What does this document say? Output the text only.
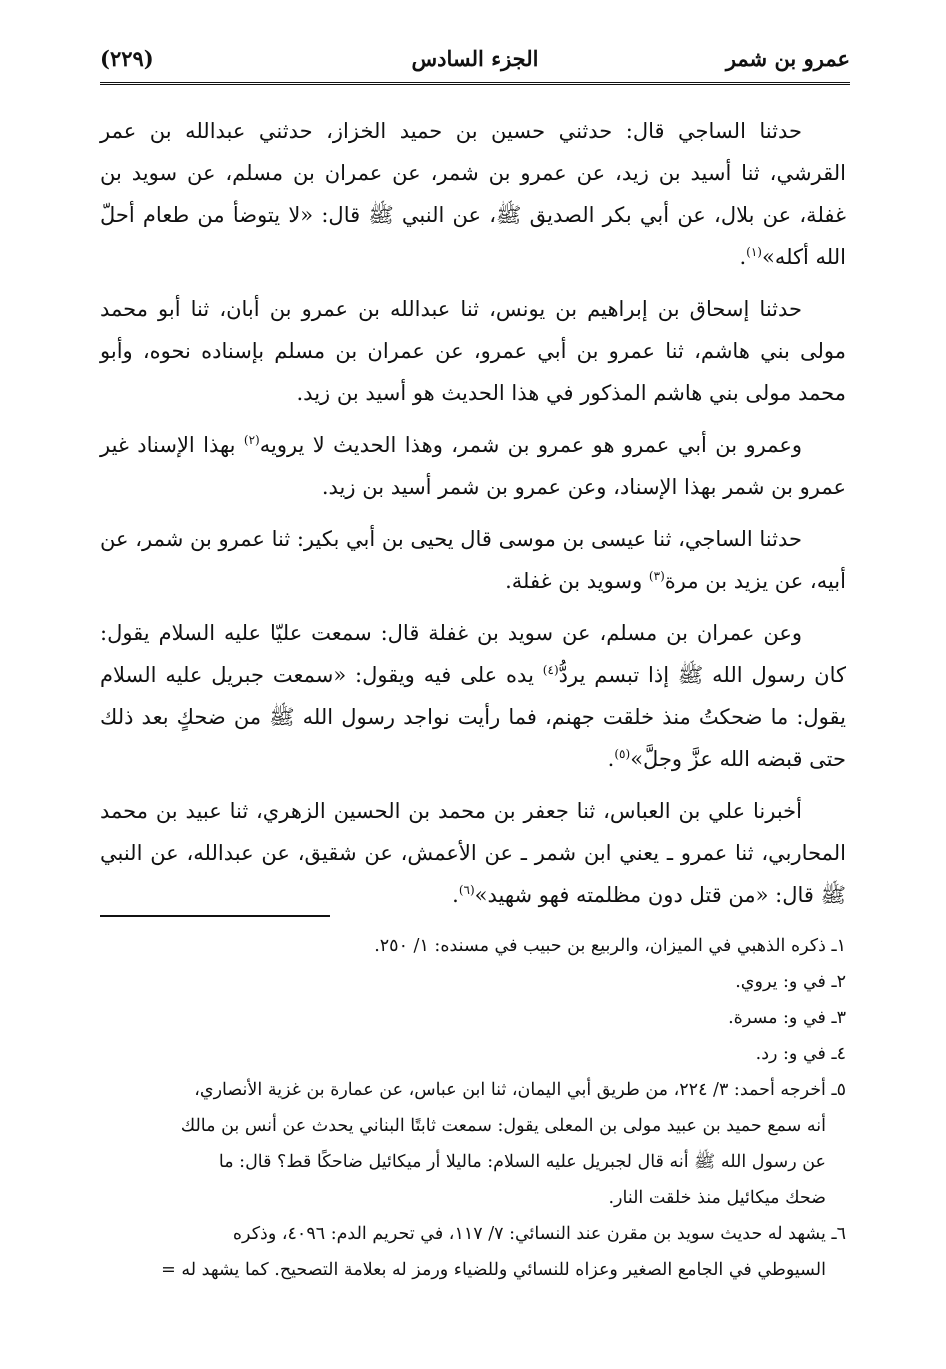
عمرو بن شمر
الجزء السادس
(٢٢٩)

حدثنا الساجي قال: حدثني حسين بن حميد الخزاز، حدثني عبدالله بن عمر القرشي، ثنا أسيد بن زيد، عن عمرو بن شمر، عن عمران بن مسلم، عن سويد بن غفلة، عن بلال، عن أبي بكر الصديق ﷺ، عن النبي ﷺ قال: «لا يتوضأ من طعام أحلّ الله أكله»$^{(١)}$.

حدثنا إسحاق بن إبراهيم بن يونس، ثنا عبدالله بن عمرو بن أبان، ثنا أبو محمد مولى بني هاشم، ثنا عمرو بن أبي عمرو، عن عمران بن مسلم بإسناده نحوه، وأبو محمد مولى بني هاشم المذكور في هذا الحديث هو أسيد بن زيد.

وعمرو بن أبي عمرو هو عمرو بن شمر، وهذا الحديث لا يرويه$^{(٢)}$ بهذا الإسناد غير عمرو بن شمر بهذا الإسناد، وعن عمرو بن شمر أسيد بن زيد.

حدثنا الساجي، ثنا عيسى بن موسى قال يحيى بن أبي بكير: ثنا عمرو بن شمر، عن أبيه، عن يزيد بن مرة$^{(٣)}$ وسويد بن غفلة.

وعن عمران بن مسلم، عن سويد بن غفلة قال: سمعت عليّا عليه السلام يقول: كان رسول الله ﷺ إذا تبسم يردُّ$^{(٤)}$ يده على فيه ويقول: «سمعت جبريل عليه السلام يقول: ما ضحكتُ منذ خلقت جهنم، فما رأيت نواجد رسول الله ﷺ من ضحكٍ بعد ذلك حتى قبضه الله عزَّ وجلَّ»$^{(٥)}$.

أخبرنا علي بن العباس، ثنا جعفر بن محمد بن الحسين الزهري، ثنا عبيد بن محمد المحاربي، ثنا عمرو ـ يعني ابن شمر ـ عن الأعمش، عن شقيق، عن عبدالله، عن النبي ﷺ قال: «من قتل دون مظلمته فهو شهيد»$^{(٦)}$.

١ـ ذكره الذهبي في الميزان، والربيع بن حبيب في مسنده: ١/ ٢٥٠.

٢ـ في و: يروي.

٣ـ في و: مسرة.

٤ـ في و: رد.

٥ـ أخرجه أحمد: ٣/ ٢٢٤، من طريق أبي اليمان، ثنا ابن عباس، عن عمارة بن غزية الأنصاري،

أنه سمع حميد بن عبيد مولى بن المعلى يقول: سمعت ثابتًا البناني يحدث عن أنس بن مالك

عن رسول الله ﷺ أنه قال لجبريل عليه السلام: ماليلا أر ميكائيل ضاحكًا قط؟ قال: ما

ضحك ميكائيل منذ خلقت النار.

٦ـ يشهد له حديث سويد بن مقرن عند النسائي: ٧/ ١١٧، في تحريم الدم: ٤٠٩٦، وذكره

السيوطي في الجامع الصغير وعزاه للنسائي وللضياء ورمز له بعلامة التصحيح. كما يشهد له =
